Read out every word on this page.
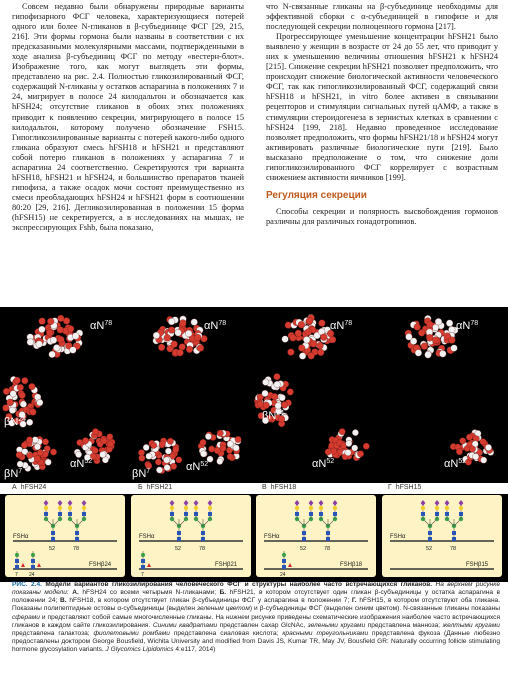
Совсем недавно были обнаружены природные варианты гипофизарного ФСГ человека, характеризующиеся потерей одного или более N-гликанов в β-субъединице ФСГ [29, 215, 216]. Эти формы гормона были названы в соответствии с их предсказанными молекулярными массами, подтвержденными в ходе анализа β-субъединиц ФСГ по методу «вестерн-блот». Изображение того, как могут выглядеть эти формы, представлено на рис. 2.4. Полностью гликозилированный ФСГ, содержащий N-гликаны у остатков аспарагина в положениях 7 и 24, мигрирует в полосе 24 килодальтон и обозначается как hFSH24; отсутствие гликанов в обоих этих положениях приводит к появлению секреции, мигрирующего в полосе 15 килодальтон, которому получено обозначение FSH15. Гипогликозилированные варианты с потерей какого-либо одного гликана образуют смесь hFSH18 и hFSH21 и представляют собой потерю гликанов в положениях у аспарагина 7 и аспарагина 24 соответственно. Секретируются три варианта hFSH18, hFSH21 и hFSH24, и большинство препаратов тканей гипофиза, а также осадок мочи состоят преимущественно из смеси преобладающих hFSH24 и hFSH21 форм в соотношении 80:20 [29, 216]. Дегликозилированная в положении 15 форма (hFSH15) не секретируется, а в исследованиях на мышах, не экспрессирующих Fshb, была показано,

что N-связанные гликаны на β-субъединице необходимы для эффективной сборки с α-субъединицей в гипофизе и для последующей секреции полноценного гормона [217].

Прогрессирующее уменьшение концентрации hFSH21 было выявлено у женщин в возрасте от 24 до 55 лет, что приводит у них к уменьшению величины отношения hFSH21 к hFSH24 [215]. Снижение секреции hFSH21 позволяет предположить, что происходит снижение биологической активности человеческого ФСГ, так как гипогликозилированный ФСГ, содержащий связи hFSH18 и hFSH21, in vitro более активен в связывании рецепторов и стимуляции сигнальных путей цАМФ, а также в стимуляции стероидогенеза в зернистых клетках в сравнении с hFSH24 [199, 218]. Недавно проведенное исследование позволяет предположить, что формы hFSH21/18 и hFSH24 могут активировать различные биологические пути [219]. Было высказано предположение о том, что снижение доли гипогликозилированного ФСГ коррелирует с возрастным снижением активности яичников [199].

Регуляция секреции

Способы секреции и полярность высвобождения гормонов различны для различных гонадотропинов.

$\alpha N^{78}$	$\alpha N^{78}$	$\alpha N^{78}$	$\alpha N^{78}$
$\beta N^{24}$	$\beta N^{24}$
$\alpha N^{52}$	$\alpha N^{52}$	$\alpha N^{52}$	$\alpha N^{52}$
$\beta N^7$	$\beta N^7$
А hFSH24	Б hFSH21	В hFSH18	Г hFSH15
FSHα
52	78
FSHβ24
7 24
FSHα
52	78
FSHβ21
7
FSHα
52	78
FSHβ18
24
FSHα
52	78
FSHβ15
РИС. 2.4. Модели вариантов гликозилирования человеческого ФСГ и структуры наиболее часто встречающихся гликанов. На верхнем рисунке показаны модели: А. hFSH24 со всеми четырьмя N-гликанами; Б. hFSH21, в котором отсутствует один гликан β-субъединицы у остатка аспарагина в положении 24; В. hFSH18, в котором отсутствует гликан β-субъединицы ФСГ у аспарагина в положении 7; Г. hFSH15, в котором отсутствуют оба гликана. Показаны полипептидные остовы α-субъединицы (выделен зеленым цветом) и β-субъединицы ФСГ (выделен синим цветом). N-связанные гликаны показаны сферами и представляют собой самые многочисленные гликаны. На нижнем рисунке приведены схематические изображения наиболее часто встречающихся гликанов в каждом сайте гликозилирования. Синими квадратами представлен сахар GlcNAc, зелеными кругами представлена манноза; желтыми кругами представлена галактоза; фиолетовыми ромбами представлена сиаловая кислота; красными треугольниками представлена фукоза (Данные любезно предоставлены доктором George Bousfield, Wichita University and modified from Davis JS, Kumar TR, May JV, Bousfield GR: Naturally occurring follicle stimulating hormone glycosylation variants. J Glycomics Lipidomics 4:e117, 2014)
